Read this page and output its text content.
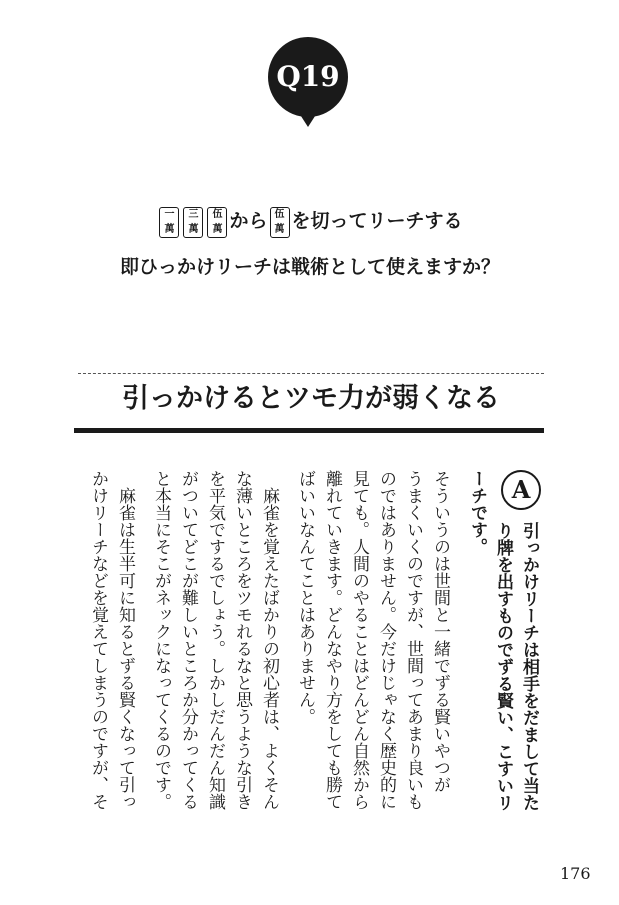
Q19
一
萬
三
萬
伍
萬 から 伍
萬 を切ってリーチする
即ひっかけリーチは戦術として使えますか？
引っかけるとツモ力が弱くなる
A
引っかけリーチは相手をだまして当た
り牌を出すものでずる賢い、こすいリ
ーチです。
そういうのは世間と一緒でずる賢いやつが
うまくいくのですが、世間ってあまり良いも
のではありません。今だけじゃなく歴史的に
見ても。人間のやることはどんどん自然から
離れていきます。どんなやり方をしても勝て
ばいいなんてことはありません。
　麻雀を覚えたばかりの初心者は、よくそん
な薄いところをツモれるなと思うような引き
を平気でするでしょう。しかしだんだん知識
がついてどこが難しいところか分かってくる
と本当にそこがネックになってくるのです。
　麻雀は生半可に知るとずる賢くなって引っ
かけリーチなどを覚えてしまうのですが、そ
176
